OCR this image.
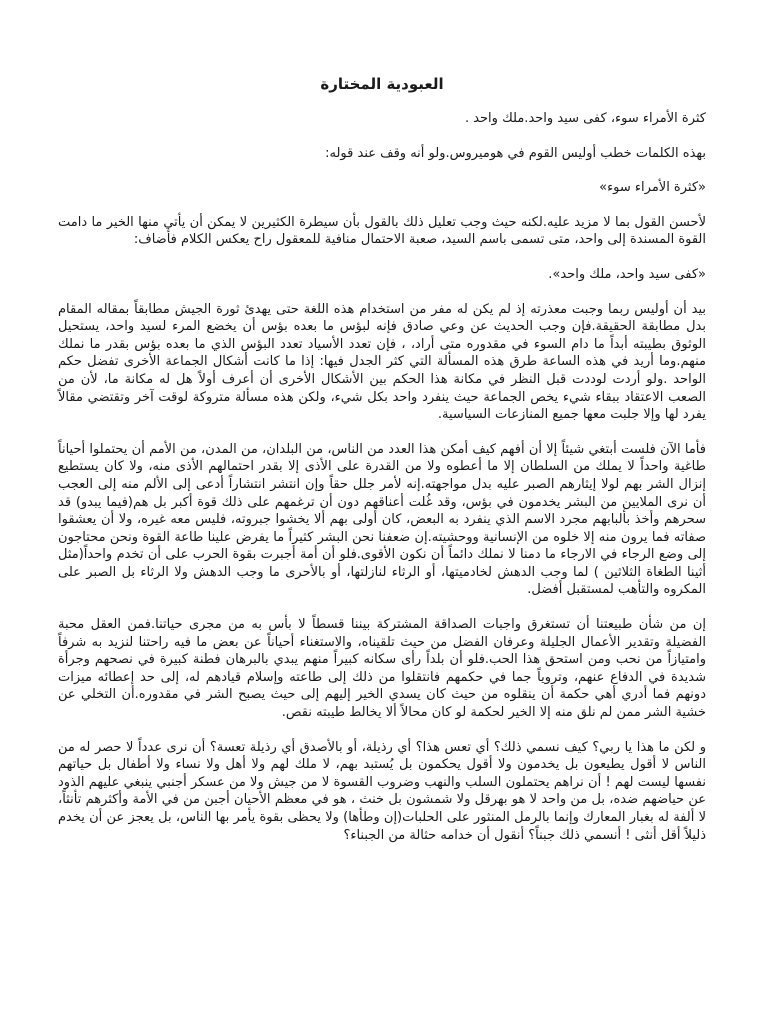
العبودية المختارة

كثرة الأمراء سوء، كفى سيد واحد.ملك واحد .

بهذه الكلمات خطب أوليس القوم في هوميروس.ولو أنه وقف عند قوله:

«كثرة الأمراء سوء»

لأحسن القول بما لا مزيد عليه.لكنه حيث وجب تعليل ذلك بالقول بأن سيطرة الكثيرين لا يمكن أن يأتي منها الخير ما دامت القوة المسندة إلى واحد، متى تسمى باسم السيد، صعبة الاحتمال منافية للمعقول راح يعكس الكلام فأضاف:

«كفى سيد واحد، ملك واحد».

بيد أن أوليس ربما وجبت معذرته إذ لم يكن له مفر من استخدام هذه اللغة حتى يهدئ ثورة الجيش مطابقاً بمقاله المقام بدل مطابقة الحقيقة.فإن وجب الحديث عن وعي صادق فإنه لبؤس ما بعده بؤس أن يخضع المرء لسيد واحد، يستحيل الوثوق بطيبته أبداً ما دام السوء في مقدوره متى أراد، ، فإن تعدد الأسياد تعدد البؤس الذي ما بعده بؤس بقدر ما نملك منهم.وما أريد في هذه الساعة طرق هذه المسألة التي كثر الجدل فيها: إذا ما كانت أشكال الجماعة الأخرى تفضل حكم الواحد .ولو أردت لوددت قبل النظر في مكانة هذا الحكم بين الأشكال الأخرى أن أعرف أولاً هل له مكانة ما، لأن من الصعب الاعتقاد ببقاء شيء يخص الجماعة حيث ينفرد واحد بكل شيء، ولكن هذه مسألة متروكة لوقت آخر وتقتضي مقالاً يفرد لها وإلا جلبت معها جميع المنازعات السياسية.

فأما الآن فلست أبتغي شيئاً إلا أن أفهم كيف أمكن هذا العدد من الناس، من البلدان، من المدن، من الأمم أن يحتملوا أحياناً طاغية واحداً لا يملك من السلطان إلا ما أعطوه ولا من القدرة على الأذى إلا بقدر احتمالهم الأذى منه، ولا كان يستطيع إنزال الشر بهم لولا إيثارهم الصبر عليه بدل مواجهته.إنه لأمر جلل حقاً وإن انتشر انتشاراً أدعى إلى الألم منه إلى العجب أن نرى الملايين من البشر يخدمون في بؤس، وقد غُلت أعناقهم دون أن ترغمهم على ذلك قوة أكبر بل هم(فيما يبدو) قد سحرهم وأخذ بألبابهم مجرد الاسم الذي ينفرد به البعض، كان أولى بهم ألا يخشوا جبروته، فليس معه غيره، ولا أن يعشقوا صفاته فما يرون منه إلا خلوه من الإنسانية ووحشيته.إن ضعفنا نحن البشر كثيراً ما يفرض علينا طاعة القوة ونحن محتاجون إلى وضع الرجاء في الارجاء ما دمنا لا نملك دائماً أن نكون الأقوى.فلو أن أمة أجبرت بقوة الحرب على أن تخدم واحداً(مثل أثينا الطغاة الثلاثين ) لما وجب الدهش لخادميتها، أو الرثاء لنازلتها، أو بالأحرى ما وجب الدهش ولا الرثاء بل الصبر على المكروه والتأهب لمستقبل أفضل.

إن من شأن طبيعتنا أن تستغرق واجبات الصداقة المشتركة بيننا قسطاً لا بأس به من مجرى حياتنا.فمن العقل محبة الفضيلة وتقدير الأعمال الجليلة وعرفان الفضل من حيث تلقيناه، والاستغناء أحياناً عن بعض ما فيه راحتنا لنزيد به شرفاً وامتيازاً من نحب ومن استحق هذا الحب.فلو أن بلداً رأى سكانه كبيراً منهم يبدي بالبرهان فطنة كبيرة في نصحهم وجرأة شديدة في الدفاع عنهم، وتروياً جما في حكمهم فانتقلوا من ذلك إلى طاعته وإسلام قيادهم له، إلى حد إعطائه ميزات دونهم فما أدري أهي حكمة أن ينقلوه من حيث كان يسدي الخير إليهم إلى حيث يصبح الشر في مقدوره.أن التخلي عن خشية الشر ممن لم نلق منه إلا الخير لحكمة لو كان محالاً ألا يخالط طيبته نقص.

و لكن ما هذا يا ربي؟ كيف نسمي ذلك؟ أي تعس هذا؟ أي رذيلة، أو بالأصدق أي رذيلة تعسة؟ أن نرى عدداً لا حصر له من الناس لا أقول يطيعون بل يخدمون ولا أقول يحكمون بل يُستبد بهم، لا ملك لهم ولا أهل ولا نساء ولا أطفال بل حياتهم نفسها ليست لهم ! أن نراهم يحتملون السلب والنهب وضروب القسوة لا من جيش ولا من عسكر أجنبي ينبغي عليهم الذود عن حياضهم ضده، بل من واحد لا هو بهرقل ولا شمشون بل خنث ، هو في معظم الأحيان أجبن من في الأمة وأكثرهم تأنثاً، لا ألفة له بغبار المعارك وإنما بالرمل المنثور على الحلبات(إن وطأها) ولا يحظى بقوة يأمر بها الناس، بل يعجز عن أن يخدم ذليلاً أقل أنثى ! أنسمي ذلك جبناً؟ أنقول أن خدامه حثالة من الجبناء؟
